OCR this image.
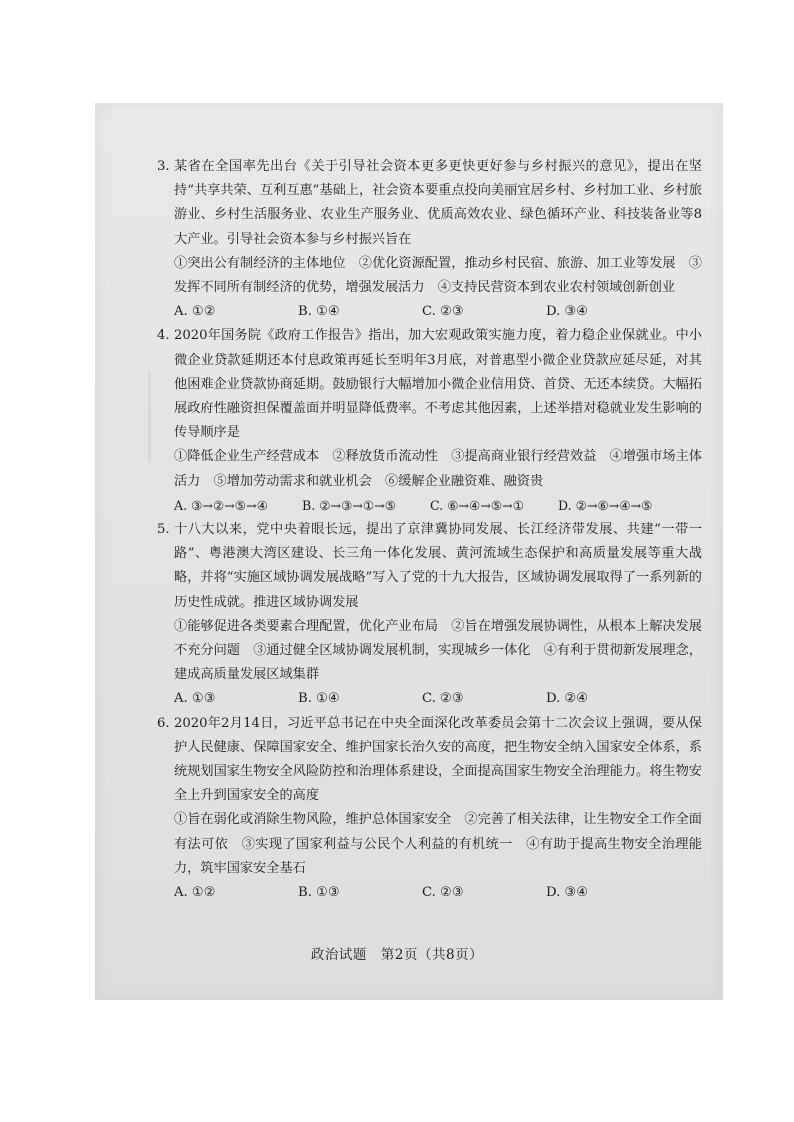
3. 某省在全国率先出台《关于引导社会资本更多更快更好参与乡村振兴的意见》，提出在坚持“共享共荣、互利互惠”基础上，社会资本要重点投向美丽宜居乡村、乡村加工业、乡村旅游业、乡村生活服务业、农业生产服务业、优质高效农业、绿色循环产业、科技装备业等8大产业。引导社会资本参与乡村振兴旨在
①突出公有制经济的主体地位　②优化资源配置，推动乡村民宿、旅游、加工业等发展　③发挥不同所有制经济的优势，增强发展活力　④支持民营资本到农业农村领域创新创业
A. ①②	B. ①④	C. ②③	D. ③④
4. 2020年国务院《政府工作报告》指出，加大宏观政策实施力度，着力稳企业保就业。中小微企业贷款延期还本付息政策再延长至明年3月底，对普惠型小微企业贷款应延尽延，对其他困难企业贷款协商延期。鼓励银行大幅增加小微企业信用贷、首贷、无还本续贷。大幅拓展政府性融资担保覆盖面并明显降低费率。不考虑其他因素，上述举措对稳就业发生影响的传导顺序是
①降低企业生产经营成本　②释放货币流动性　③提高商业银行经营效益　④增强市场主体活力　⑤增加劳动需求和就业机会　⑥缓解企业融资难、融资贵
A. ③→②→⑤→④	B. ②→③→①→⑤	C. ⑥→④→⑤→①	D. ②→⑥→④→⑤
5. 十八大以来，党中央着眼长远，提出了京津冀协同发展、长江经济带发展、共建“一带一路”、粤港澳大湾区建设、长三角一体化发展、黄河流域生态保护和高质量发展等重大战略，并将“实施区域协调发展战略”写入了党的十九大报告，区域协调发展取得了一系列新的历史性成就。推进区域协调发展
①能够促进各类要素合理配置，优化产业布局　②旨在增强发展协调性，从根本上解决发展不充分问题　③通过健全区域协调发展机制，实现城乡一体化　④有利于贯彻新发展理念，建成高质量发展区域集群
A. ①③	B. ①④	C. ②③	D. ②④
6. 2020年2月14日，习近平总书记在中央全面深化改革委员会第十二次会议上强调，要从保护人民健康、保障国家安全、维护国家长治久安的高度，把生物安全纳入国家安全体系，系统规划国家生物安全风险防控和治理体系建设，全面提高国家生物安全治理能力。将生物安全上升到国家安全的高度
①旨在弱化或消除生物风险，维护总体国家安全　②完善了相关法律，让生物安全工作全面有法可依　③实现了国家利益与公民个人利益的有机统一　④有助于提高生物安全治理能力，筑牢国家安全基石
A. ①②	B. ①③	C. ②③	D. ③④
政治试题　第2页（共8页）
